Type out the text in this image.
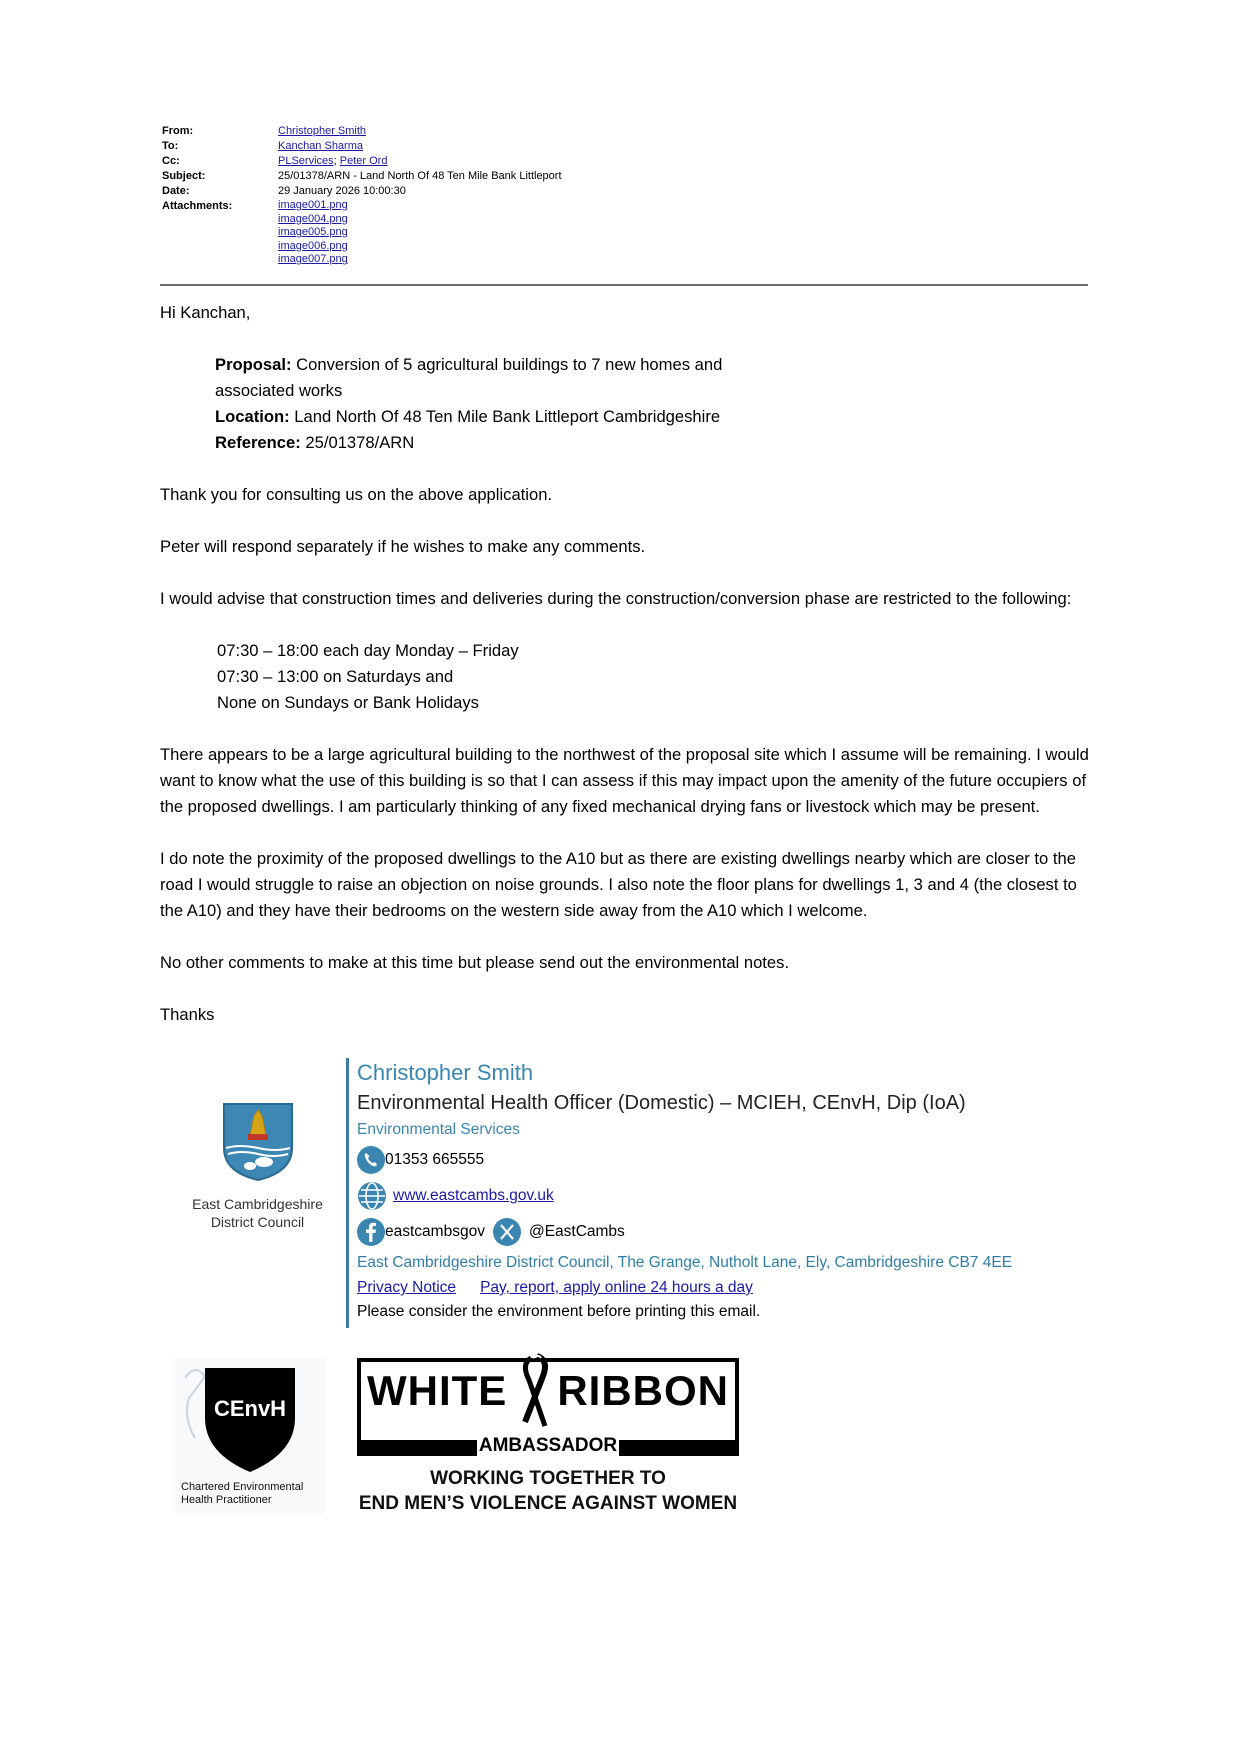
From:	Christopher Smith
To:	Kanchan Sharma
Cc:	PLServices; Peter Ord
Subject:	25/01378/ARN - Land North Of 48 Ten Mile Bank Littleport
Date:	29 January 2026 10:00:30
Attachments:	image001.png
image004.png
image005.png
image006.png
image007.png

Hi Kanchan,

Proposal: Conversion of 5 agricultural buildings to 7 new homes and

associated works

Location: Land North Of 48 Ten Mile Bank Littleport Cambridgeshire

Reference: 25/01378/ARN

Thank you for consulting us on the above application.

Peter will respond separately if he wishes to make any comments.

I would advise that construction times and deliveries during the construction/conversion phase are restricted to the following:

07:30 – 18:00 each day Monday – Friday

07:30 – 13:00 on Saturdays and

None on Sundays or Bank Holidays

There appears to be a large agricultural building to the northwest of the proposal site which I assume will be remaining. I would want to know what the use of this building is so that I can assess if this may impact upon the amenity of the future occupiers of the proposed dwellings. I am particularly thinking of any fixed mechanical drying fans or livestock which may be present.

I do note the proximity of the proposed dwellings to the A10 but as there are existing dwellings nearby which are closer to the road I would struggle to raise an objection on noise grounds. I also note the floor plans for dwellings 1, 3 and 4 (the closest to the A10) and they have their bedrooms on the western side away from the A10 which I welcome.

No other comments to make at this time but please send out the environmental notes.

Thanks

East Cambridgeshire
District Council
Christopher Smith
Environmental Health Officer (Domestic) – MCIEH, CEnvH, Dip (IoA)
Environmental Services
01353 665555
www.eastcambs.gov.uk
eastcambsgov	@EastCambs
East Cambridgeshire District Council, The Grange, Nutholt Lane, Ely, Cambridgeshire CB7 4EE
Privacy Notice Pay, report, apply online 24 hours a day
Please consider the environment before printing this email.
CEnvH
Chartered Environmental
Health Practitioner
WHITE RIBBON
AMBASSADOR
WORKING TOGETHER TO
END MEN’S VIOLENCE AGAINST WOMEN
